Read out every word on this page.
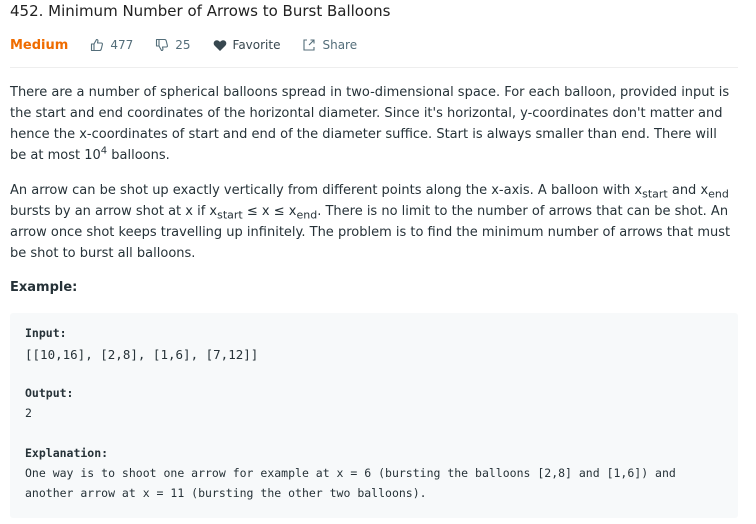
452. Minimum Number of Arrows to Burst Balloons
Medium	477	25	Favorite	Share

There are a number of spherical balloons spread in two-dimensional space. For each balloon, provided input is the start and end coordinates of the horizontal diameter. Since it's horizontal, y-coordinates don't matter and hence the x-coordinates of start and end of the diameter suffice. Start is always smaller than end. There will be at most $10^4$ balloons.

An arrow can be shot up exactly vertically from different points along the x-axis. A balloon with $x_{start}$ and $x_{end}$ bursts by an arrow shot at x if $x_{start} \le x \le x_{end}$. There is no limit to the number of arrows that can be shot. An arrow once shot keeps travelling up infinitely. The problem is to find the minimum number of arrows that must be shot to burst all balloons.

Example:
Input:
[[10,16], [2,8], [1,6], [7,12]]
Output:
2
Explanation:
One way is to shoot one arrow for example at x = 6 (bursting the balloons [2,8] and [1,6]) and
another arrow at x = 11 (bursting the other two balloons).
